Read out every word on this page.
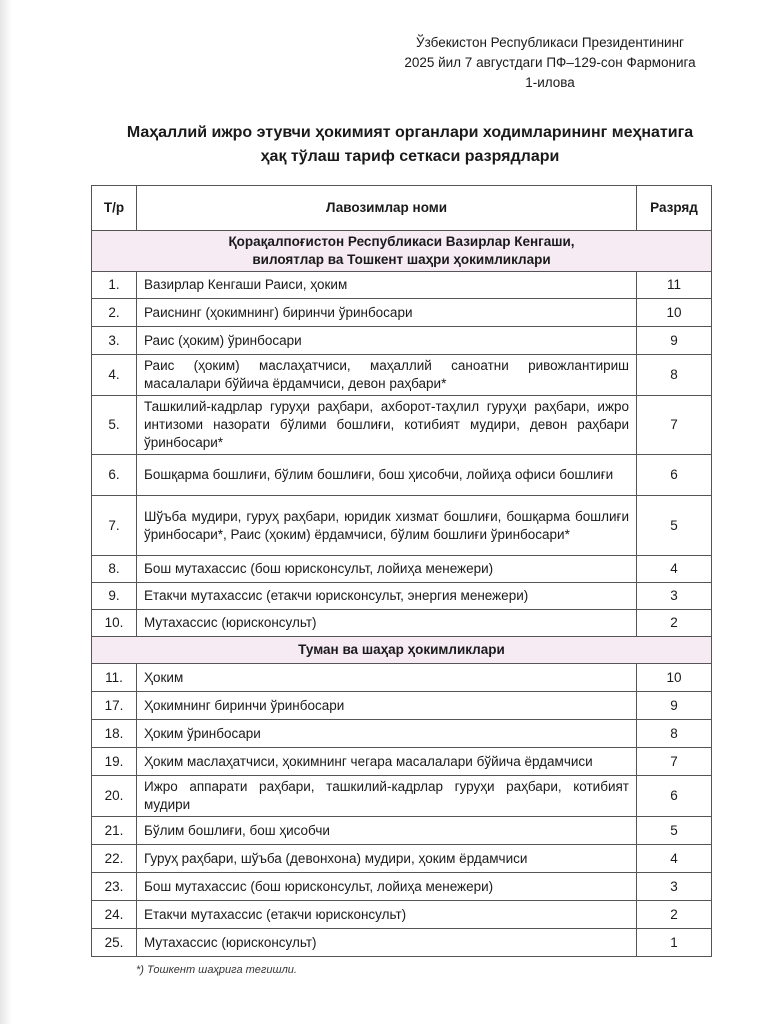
Ўзбекистон Республикаси Президентининг
2025 йил 7 августдаги ПФ–129-сон Фармонига
1-илова
Маҳаллий ижро этувчи ҳокимият органлари ходимларининг меҳнатига
ҳақ тўлаш тариф сеткаси разрядлари
Т/р	Лавозимлар номи	Разряд

Қорақалпоғистон Республикаси Вазирлар Кенгаши,
вилоятлар ва Тошкент шаҳри ҳокимликлари		

1.	Вазирлар Кенгаши Раиси, ҳоким	11
2.	Раиснинг (ҳокимнинг) биринчи ўринбосари	10
3.	Раис (ҳоким) ўринбосари	9
4.	Раис (ҳоким) маслаҳатчиси, маҳаллий саноатни ривожлантириш масалалари бўйича ёрдамчиси, девон раҳбари*	8
5.	Ташкилий-кадрлар гуруҳи раҳбари, ахборот-таҳлил гуруҳи раҳбари, ижро интизоми назорати бўлими бошлиғи, котибият мудири, девон раҳбари ўринбосари*	7
6.	Бошқарма бошлиғи, бўлим бошлиғи, бош ҳисобчи, лойиҳа офиси бошлиғи	6
7.	Шўъба мудири, гуруҳ раҳбари, юридик хизмат бошлиғи, бошқарма бошлиғи ўринбосари*, Раис (ҳоким) ёрдамчиси, бўлим бошлиғи ўринбосари*	5
8.	Бош мутахассис (бош юрисконсульт, лойиҳа менежери)	4
9.	Етакчи мутахассис (етакчи юрисконсульт, энергия менежери)	3
10.	Мутахассис (юрисконсульт)	2
Туман ва шаҳар ҳокимликлари		
11.	Ҳоким	10
17.	Ҳокимнинг биринчи ўринбосари	9
18.	Ҳоким ўринбосари	8
19.	Ҳоким маслаҳатчиси, ҳокимнинг чегара масалалари бўйича ёрдамчиси	7
20.	Ижро аппарати раҳбари, ташкилий-кадрлар гуруҳи раҳбари, котибият мудири	6
21.	Бўлим бошлиғи, бош ҳисобчи	5
22.	Гуруҳ раҳбари, шўъба (девонхона) мудири, ҳоким ёрдамчиси	4
23.	Бош мутахассис (бош юрисконсульт, лойиҳа менежери)	3
24.	Етакчи мутахассис (етакчи юрисконсульт)	2
25.	Мутахассис (юрисконсульт)	1
*) Тошкент шаҳрига тегишли.
